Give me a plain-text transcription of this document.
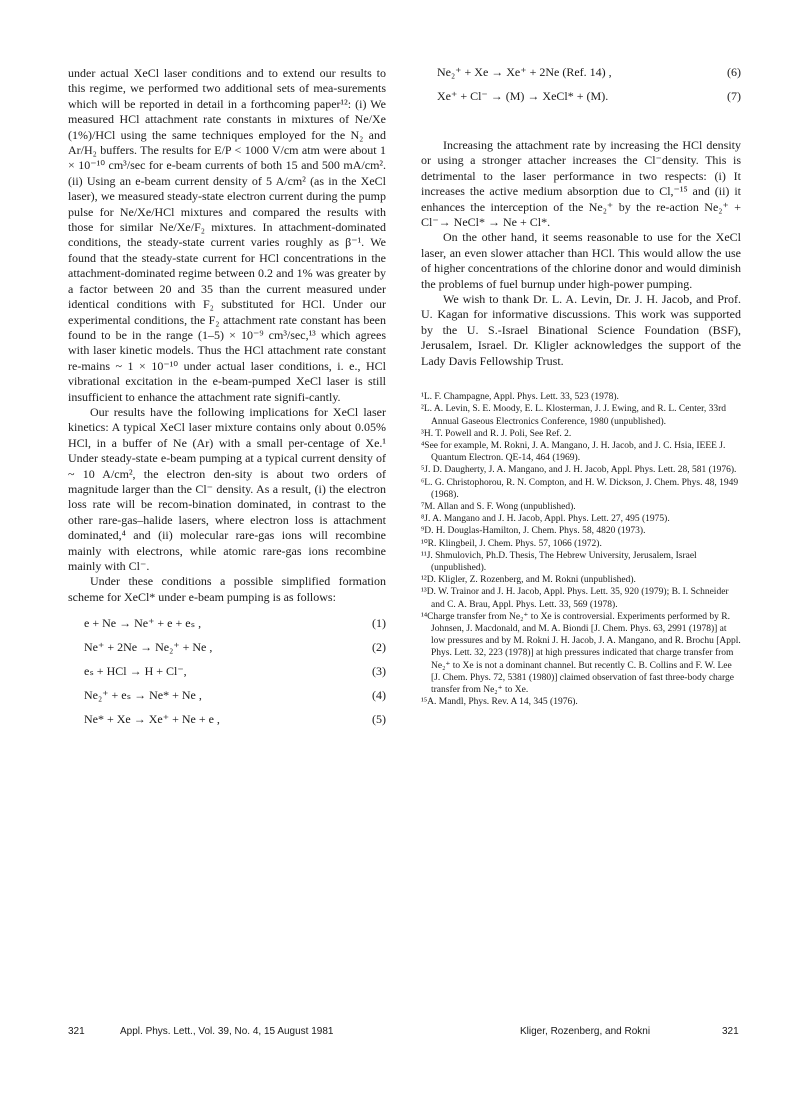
under actual XeCl laser conditions and to extend our results to this regime, we performed two additional sets of mea-surements which will be reported in detail in a forthcoming paper¹²: (i) We measured HCl attachment rate constants in mixtures of Ne/Xe (1%)/HCl using the same techniques employed for the N₂ and Ar/H₂ buffers. The results for E/P < 1000 V/cm atm were about 1 × 10⁻¹⁰ cm³/sec for e-beam currents of both 15 and 500 mA/cm². (ii) Using an e-beam current density of 5 A/cm² (as in the XeCl laser), we measured steady-state electron current during the pump pulse for Ne/Xe/HCl mixtures and compared the results with those for similar Ne/Xe/F₂ mixtures. In attachment-dominated conditions, the steady-state current varies roughly as β⁻¹. We found that the steady-state current for HCl concentrations in the attachment-dominated regime between 0.2 and 1% was greater by a factor between 20 and 35 than the current measured under identical conditions with F₂ substituted for HCl. Under our experimental conditions, the F₂ attachment rate constant has been found to be in the range (1–5) × 10⁻⁹ cm³/sec,¹³ which agrees with laser kinetic models. Thus the HCl attachment rate constant re-mains ~ 1 × 10⁻¹⁰ under actual laser conditions, i. e., HCl vibrational excitation in the e-beam-pumped XeCl laser is still insufficient to enhance the attachment rate signifi-cantly.

Our results have the following implications for XeCl laser kinetics: A typical XeCl laser mixture contains only about 0.05% HCl, in a buffer of Ne (Ar) with a small per-centage of Xe.¹ Under steady-state e-beam pumping at a typical current density of ~ 10 A/cm², the electron den-sity is about two orders of magnitude larger than the Cl⁻ density. As a result, (i) the electron loss rate will be recom-bination dominated, in contrast to the other rare-gas–halide lasers, where electron loss is attachment dominated,⁴ and (ii) molecular rare-gas ions will recombine mainly with electrons, while atomic rare-gas ions recombine mainly with Cl⁻.

Under these conditions a possible simplified formation scheme for XeCl* under e-beam pumping is as follows:

e + Ne → Ne⁺ + e + eₛ ,	(1)
Ne⁺ + 2Ne → Ne₂⁺ + Ne ,	(2)
eₛ + HCl → H + Cl⁻,	(3)
Ne₂⁺ + eₛ → Ne* + Ne ,	(4)
Ne* + Xe → Xe⁺ + Ne + e ,	(5)
Ne₂⁺ + Xe → Xe⁺ + 2Ne (Ref. 14) ,	(6)
Xe⁺ + Cl⁻ → (M) → XeCl* + (M).	(7)

Increasing the attachment rate by increasing the HCl density or using a stronger attacher increases the Cl⁻density. This is detrimental to the laser performance in two respects: (i) It increases the active medium absorption due to Cl,⁻¹⁵ and (ii) it enhances the interception of the Ne₂⁺ by the re-action Ne₂⁺ + Cl⁻→ NeCl* → Ne + Cl*.

On the other hand, it seems reasonable to use for the XeCl laser, an even slower attacher than HCl. This would allow the use of higher concentrations of the chlorine donor and would diminish the problems of fuel burnup under high-power pumping.

We wish to thank Dr. L. A. Levin, Dr. J. H. Jacob, and Prof. U. Kagan for informative discussions. This work was supported by the U. S.-Israel Binational Science Foundation (BSF), Jerusalem, Israel. Dr. Kligler acknowledges the support of the Lady Davis Fellowship Trust.

¹L. F. Champagne, Appl. Phys. Lett. 33, 523 (1978).

²L. A. Levin, S. E. Moody, E. L. Klosterman, J. J. Ewing, and R. L. Center, 33rd Annual Gaseous Electronics Conference, 1980 (unpublished).

³H. T. Powell and R. J. Poli, See Ref. 2.

⁴See for example, M. Rokni, J. A. Mangano, J. H. Jacob, and J. C. Hsia, IEEE J. Quantum Electron. QE-14, 464 (1969).

⁵J. D. Daugherty, J. A. Mangano, and J. H. Jacob, Appl. Phys. Lett. 28, 581 (1976).

⁶L. G. Christophorou, R. N. Compton, and H. W. Dickson, J. Chem. Phys. 48, 1949 (1968).

⁷M. Allan and S. F. Wong (unpublished).

⁸J. A. Mangano and J. H. Jacob, Appl. Phys. Lett. 27, 495 (1975).

⁹D. H. Douglas-Hamilton, J. Chem. Phys. 58, 4820 (1973).

¹⁰R. Klingbeil, J. Chem. Phys. 57, 1066 (1972).

¹¹J. Shmulovich, Ph.D. Thesis, The Hebrew University, Jerusalem, Israel (unpublished).

¹²D. Kligler, Z. Rozenberg, and M. Rokni (unpublished).

¹³D. W. Trainor and J. H. Jacob, Appl. Phys. Lett. 35, 920 (1979); B. I. Schneider and C. A. Brau, Appl. Phys. Lett. 33, 569 (1978).

¹⁴Charge transfer from Ne₂⁺ to Xe is controversial. Experiments performed by R. Johnsen, J. Macdonald, and M. A. Biondi [J. Chem. Phys. 63, 2991 (1978)] at low pressures and by M. Rokni J. H. Jacob, J. A. Mangano, and R. Brochu [Appl. Phys. Lett. 32, 223 (1978)] at high pressures indicated that charge transfer from Ne₂⁺ to Xe is not a dominant channel. But recently C. B. Collins and F. W. Lee [J. Chem. Phys. 72, 5381 (1980)] claimed observation of fast three-body charge transfer from Ne₂⁺ to Xe.

¹⁵A. Mandl, Phys. Rev. A 14, 345 (1976).

321	Appl. Phys. Lett., Vol. 39, No. 4, 15 August 1981	Kliger, Rozenberg, and Rokni	321
